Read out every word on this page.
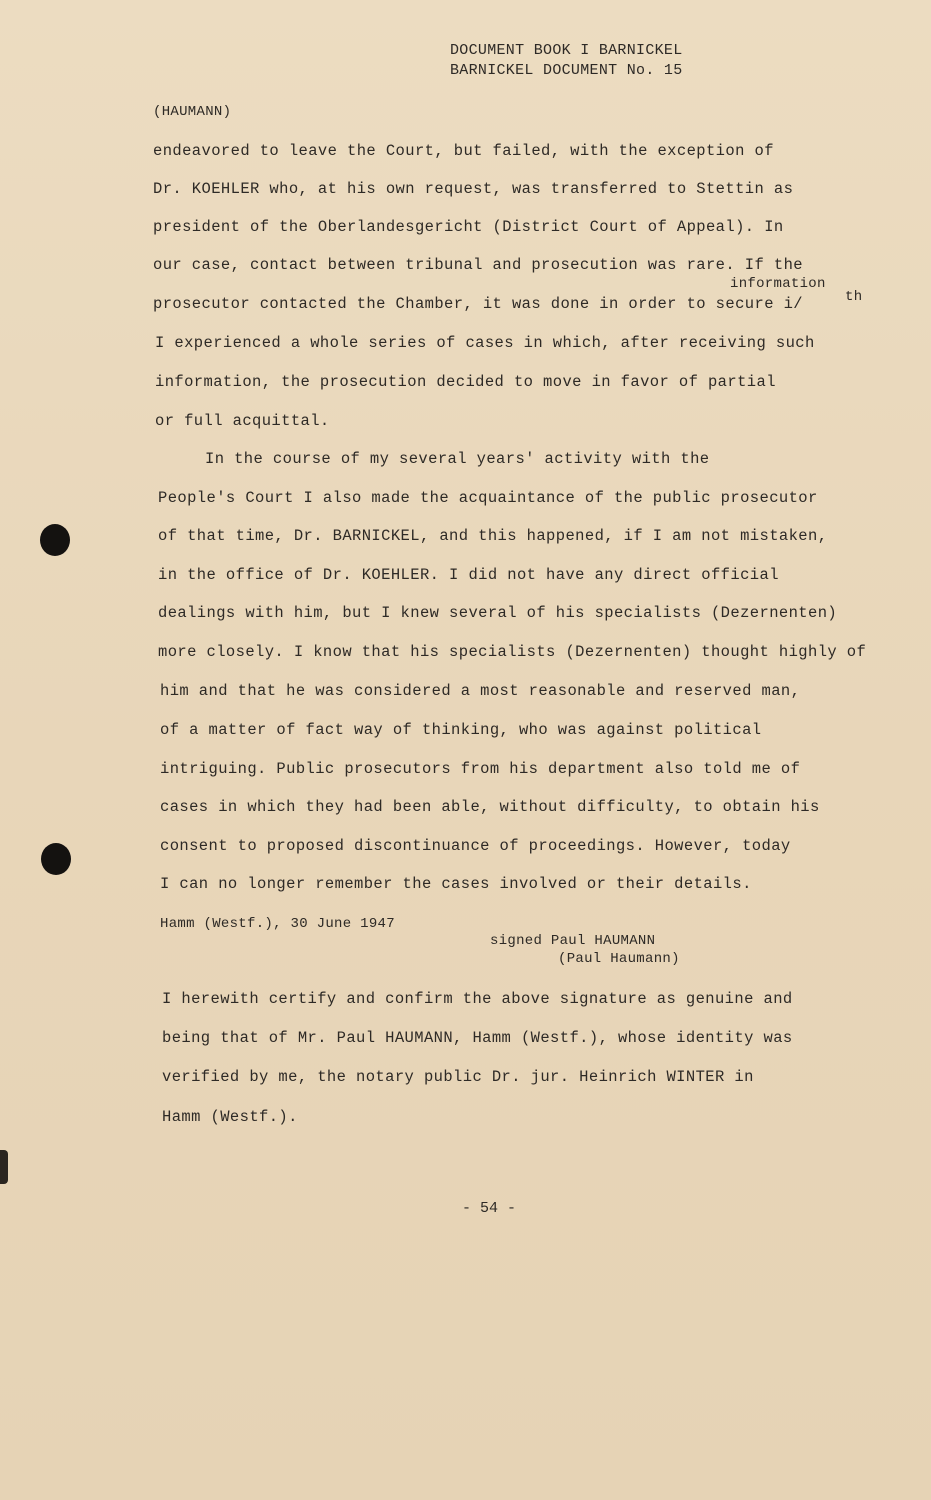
DOCUMENT BOOK I BARNICKEL
BARNICKEL DOCUMENT No. 15
(HAUMANN)
endeavored to leave the Court, but failed, with the exception of
Dr. KOEHLER who, at his own request, was transferred to Stettin as
president of the Oberlandesgericht (District Court of Appeal). In
our case, contact between tribunal and prosecution was rare. If the
information
prosecutor contacted the Chamber, it was done in order to secure i/	th
I experienced a whole series of cases in which, after receiving such
information, the prosecution decided to move in favor of partial
or full acquittal.
In the course of my several years' activity with the
People's Court I also made the acquaintance of the public prosecutor
of that time, Dr. BARNICKEL, and this happened, if I am not mistaken,
in the office of Dr. KOEHLER. I did not have any direct official
dealings with him, but I knew several of his specialists (Dezernenten)
more closely. I know that his specialists (Dezernenten) thought highly of
him and that he was considered a most reasonable and reserved man,
of a matter of fact way of thinking, who was against political
intriguing. Public prosecutors from his department also told me of
cases in which they had been able, without difficulty, to obtain his
consent to proposed discontinuance of proceedings. However, today
I can no longer remember the cases involved or their details.
Hamm (Westf.), 30 June 1947
signed Paul HAUMANN
(Paul Haumann)
I herewith certify and confirm the above signature as genuine and
being that of Mr. Paul HAUMANN, Hamm (Westf.), whose identity was
verified by me, the notary public Dr. jur. Heinrich WINTER in
Hamm (Westf.).
- 54 -
